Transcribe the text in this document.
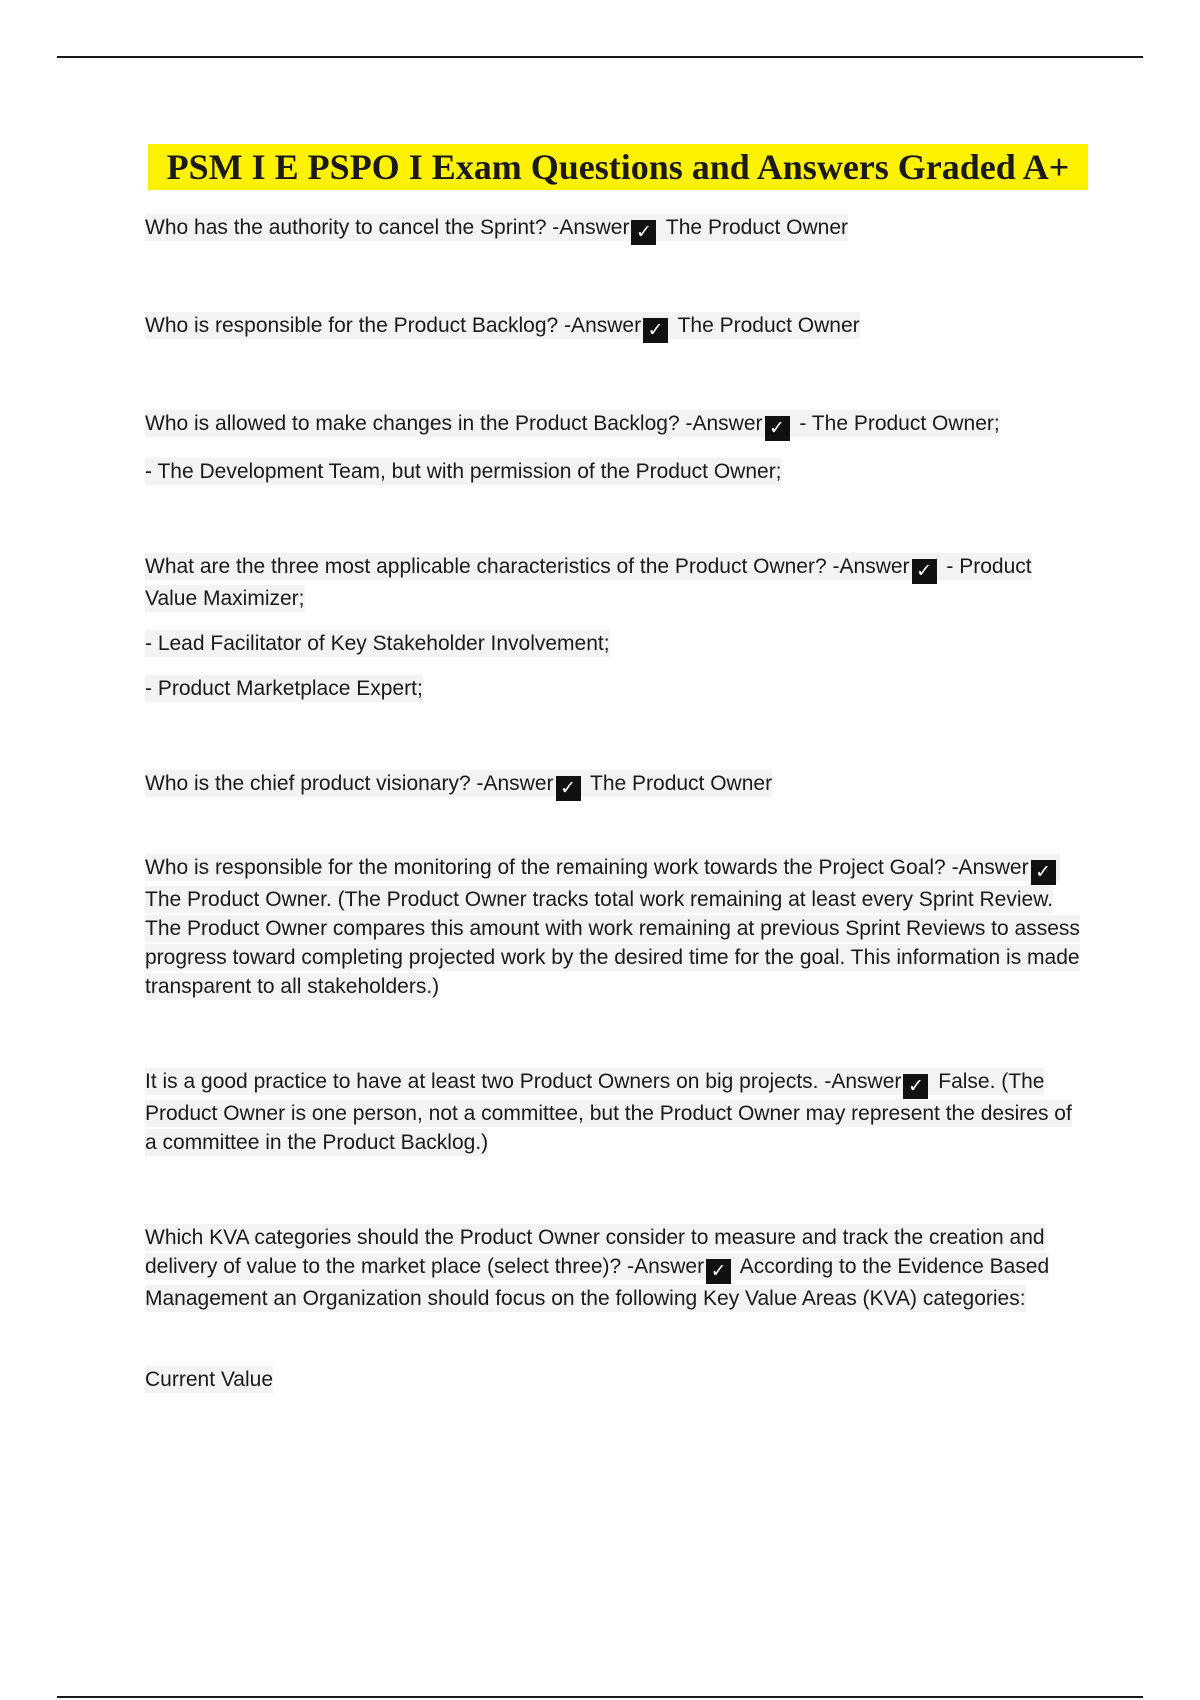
PSM I E PSPO I Exam Questions and Answers Graded A+

Who has the authority to cancel the Sprint? -Answer ✓ The Product Owner

Who is responsible for the Product Backlog? -Answer ✓ The Product Owner

Who is allowed to make changes in the Product Backlog? -Answer ✓ - The Product Owner;

- The Development Team, but with permission of the Product Owner;

What are the three most applicable characteristics of the Product Owner? -Answer ✓ - Product Value Maximizer;

- Lead Facilitator of Key Stakeholder Involvement;

- Product Marketplace Expert;

Who is the chief product visionary? -Answer ✓ The Product Owner

Who is responsible for the monitoring of the remaining work towards the Project Goal? -Answer ✓ The Product Owner. (The Product Owner tracks total work remaining at least every Sprint Review. The Product Owner compares this amount with work remaining at previous Sprint Reviews to assess progress toward completing projected work by the desired time for the goal. This information is made transparent to all stakeholders.)

It is a good practice to have at least two Product Owners on big projects. -Answer ✓ False. (The Product Owner is one person, not a committee, but the Product Owner may represent the desires of a committee in the Product Backlog.)

Which KVA categories should the Product Owner consider to measure and track the creation and delivery of value to the market place (select three)? -Answer ✓ According to the Evidence Based Management an Organization should focus on the following Key Value Areas (KVA) categories:

Current Value
